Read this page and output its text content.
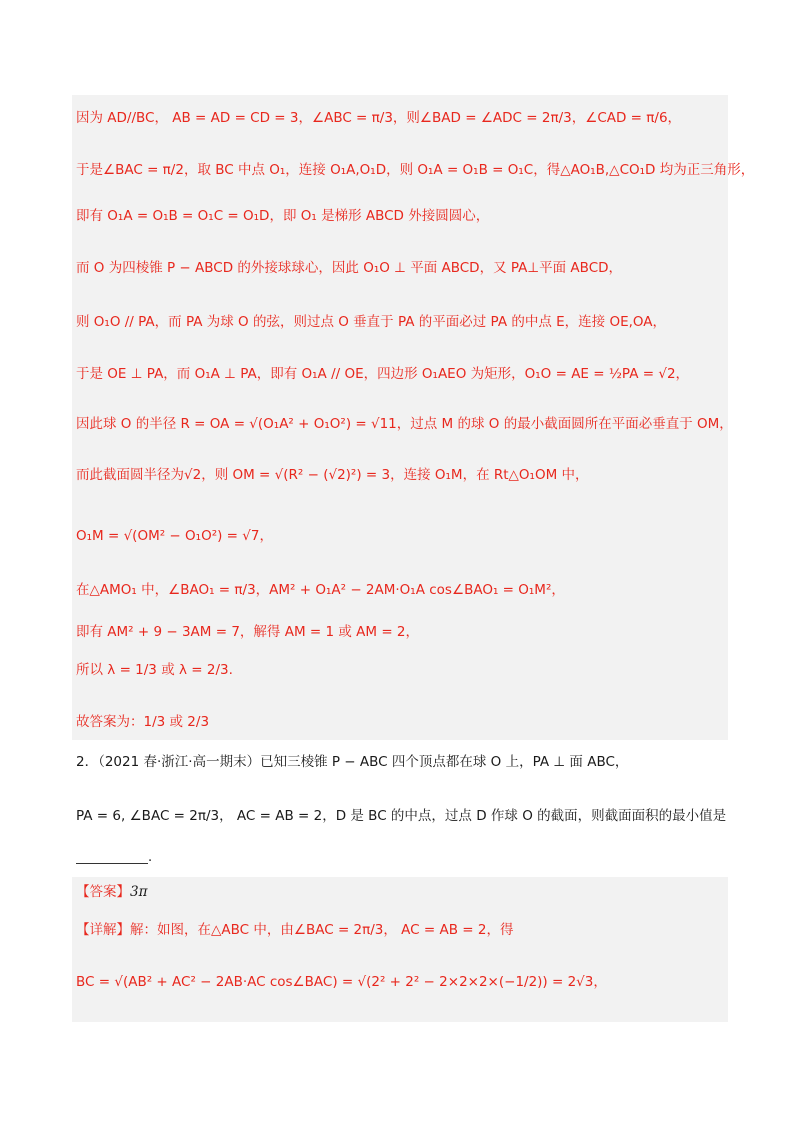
因为 AD//BC， AB = AD = CD = 3，∠ABC = π/3，则∠BAD = ∠ADC = 2π/3，∠CAD = π/6，
于是∠BAC = π/2，取 BC 中点 O₁，连接 O₁A,O₁D，则 O₁A = O₁B = O₁C，得△AO₁B,△CO₁D 均为正三角形，
即有 O₁A = O₁B = O₁C = O₁D，即 O₁ 是梯形 ABCD 外接圆圆心，
而 O 为四棱锥 P − ABCD 的外接球球心，因此 O₁O ⊥ 平面 ABCD，又 PA⊥平面 ABCD，
则 O₁O // PA，而 PA 为球 O 的弦，则过点 O 垂直于 PA 的平面必过 PA 的中点 E，连接 OE,OA，
于是 OE ⊥ PA，而 O₁A ⊥ PA，即有 O₁A // OE，四边形 O₁AEO 为矩形，O₁O = AE = ½PA = √2，
因此球 O 的半径 R = OA = √(O₁A² + O₁O²) = √11，过点 M 的球 O 的最小截面圆所在平面必垂直于 OM，
而此截面圆半径为√2，则 OM = √(R² − (√2)²) = 3，连接 O₁M，在 Rt△O₁OM 中，
O₁M = √(OM² − O₁O²) = √7，
在△AMO₁ 中，∠BAO₁ = π/3，AM² + O₁A² − 2AM·O₁A cos∠BAO₁ = O₁M²，
即有 AM² + 9 − 3AM = 7，解得 AM = 1 或 AM = 2，
所以 λ = 1/3 或 λ = 2/3.
故答案为：1/3 或 2/3
2．（2021 春·浙江·高一期末）已知三棱锥 P − ABC 四个顶点都在球 O 上，PA ⊥ 面 ABC，
PA = 6, ∠BAC = 2π/3， AC = AB = 2，D 是 BC 的中点，过点 D 作球 O 的截面，则截面面积的最小值是
.
【答案】3π
【详解】解：如图，在△ABC 中，由∠BAC = 2π/3， AC = AB = 2，得
BC = √(AB² + AC² − 2AB·AC cos∠BAC) = √(2² + 2² − 2×2×2×(−1/2)) = 2√3，
